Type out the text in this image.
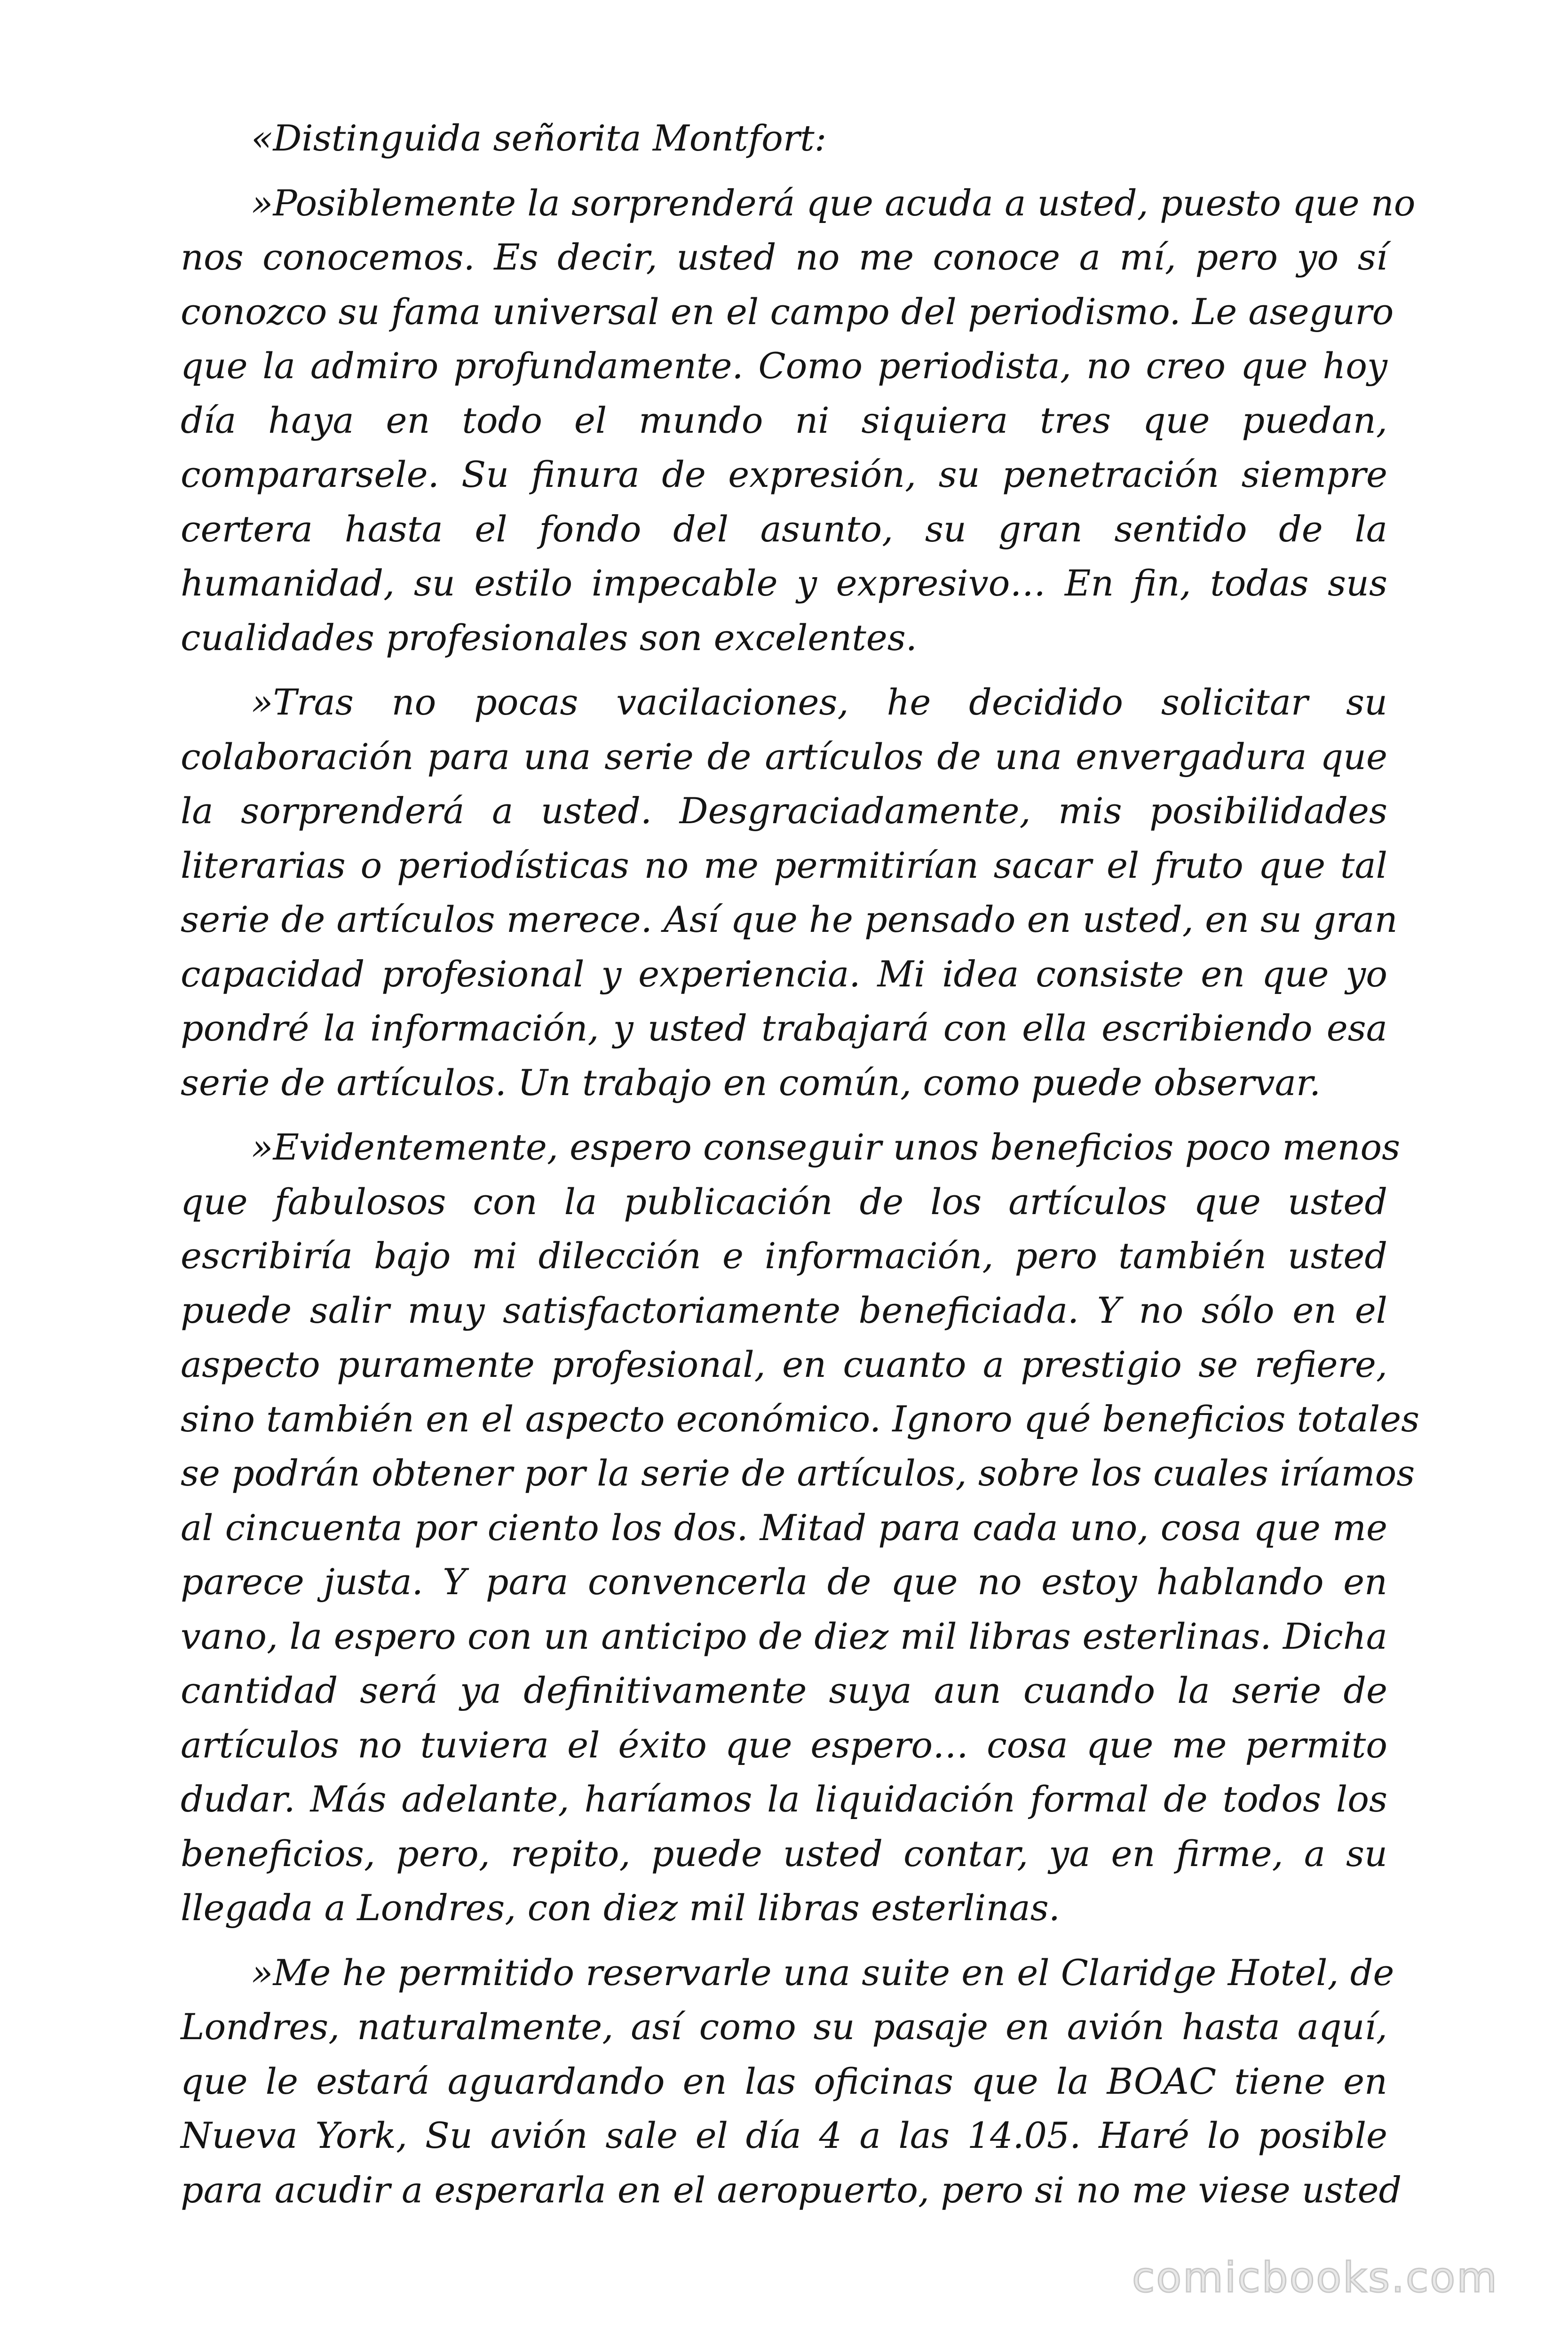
«Distinguida señorita Montfort:
»Posiblemente la sorprenderá que acuda a usted, puesto que no
nos conocemos. Es decir, usted no me conoce a mí, pero yo sí
conozco su fama universal en el campo del periodismo. Le aseguro
que la admiro profundamente. Como periodista, no creo que hoy
día haya en todo el mundo ni siquiera tres que puedan,
compararsele. Su finura de expresión, su penetración siempre
certera hasta el fondo del asunto, su gran sentido de la
humanidad, su estilo impecable y expresivo… En fin, todas sus
cualidades profesionales son excelentes.
»Tras no pocas vacilaciones, he decidido solicitar su
colaboración para una serie de artículos de una envergadura que
la sorprenderá a usted. Desgraciadamente, mis posibilidades
literarias o periodísticas no me permitirían sacar el fruto que tal
serie de artículos merece. Así que he pensado en usted, en su gran
capacidad profesional y experiencia. Mi idea consiste en que yo
pondré la información, y usted trabajará con ella escribiendo esa
serie de artículos. Un trabajo en común, como puede observar.
»Evidentemente, espero conseguir unos beneficios poco menos
que fabulosos con la publicación de los artículos que usted
escribiría bajo mi dilección e información, pero también usted
puede salir muy satisfactoriamente beneficiada. Y no sólo en el
aspecto puramente profesional, en cuanto a prestigio se refiere,
sino también en el aspecto económico. Ignoro qué beneficios totales
se podrán obtener por la serie de artículos, sobre los cuales iríamos
al cincuenta por ciento los dos. Mitad para cada uno, cosa que me
parece justa. Y para convencerla de que no estoy hablando en
vano, la espero con un anticipo de diez mil libras esterlinas. Dicha
cantidad será ya definitivamente suya aun cuando la serie de
artículos no tuviera el éxito que espero… cosa que me permito
dudar. Más adelante, haríamos la liquidación formal de todos los
beneficios, pero, repito, puede usted contar, ya en firme, a su
llegada a Londres, con diez mil libras esterlinas.
»Me he permitido reservarle una suite en el Claridge Hotel, de
Londres, naturalmente, así como su pasaje en avión hasta aquí,
que le estará aguardando en las oficinas que la BOAC tiene en
Nueva York, Su avión sale el día 4 a las 14.05. Haré lo posible
para acudir a esperarla en el aeropuerto, pero si no me viese usted
comicbooks.com
